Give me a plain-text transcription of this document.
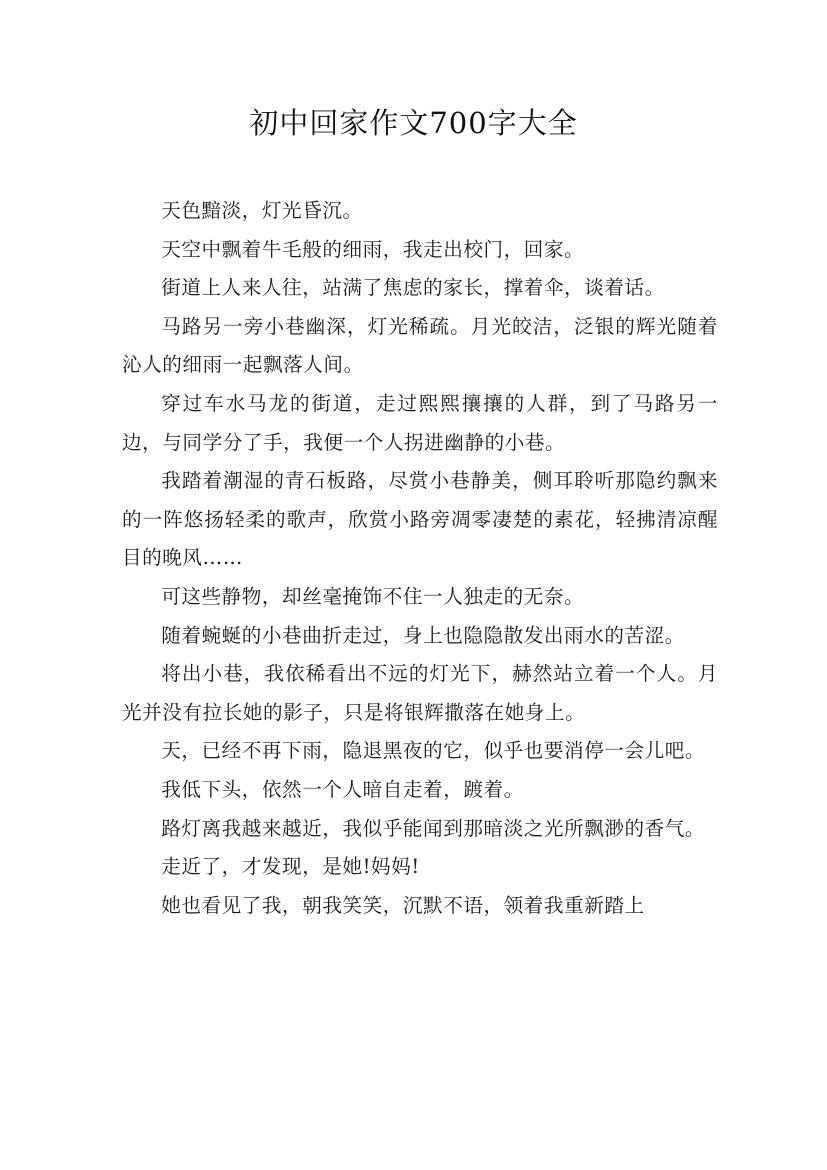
初中回家作文700字大全

天色黯淡，灯光昏沉。

天空中飘着牛毛般的细雨，我走出校门，回家。

街道上人来人往，站满了焦虑的家长，撑着伞，谈着话。

马路另一旁小巷幽深，灯光稀疏。月光皎洁，泛银的辉光随着沁人的细雨一起飘落人间。

穿过车水马龙的街道，走过熙熙攘攘的人群，到了马路另一边，与同学分了手，我便一个人拐进幽静的小巷。

我踏着潮湿的青石板路，尽赏小巷静美，侧耳聆听那隐约飘来的一阵悠扬轻柔的歌声，欣赏小路旁凋零凄楚的素花，轻拂清凉醒目的晚风……

可这些静物，却丝毫掩饰不住一人独走的无奈。

随着蜿蜒的小巷曲折走过，身上也隐隐散发出雨水的苦涩。

将出小巷，我依稀看出不远的灯光下，赫然站立着一个人。月光并没有拉长她的影子，只是将银辉撒落在她身上。

天，已经不再下雨，隐退黑夜的它，似乎也要消停一会儿吧。

我低下头，依然一个人暗自走着，踱着。

路灯离我越来越近，我似乎能闻到那暗淡之光所飘渺的香气。

走近了，才发现，是她!妈妈!

她也看见了我，朝我笑笑，沉默不语，领着我重新踏上
